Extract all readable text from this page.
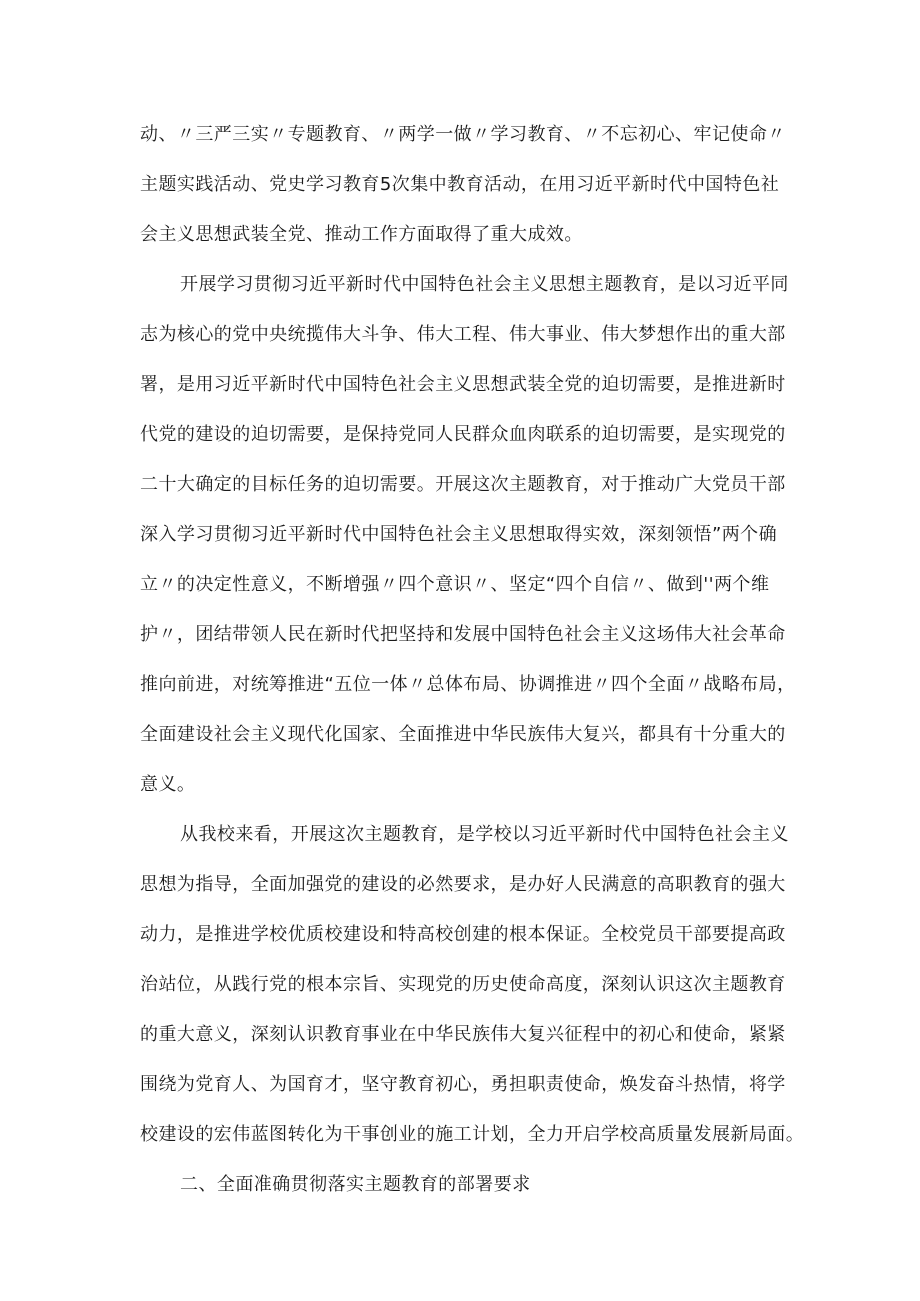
动、〃三严三实〃专题教育、〃两学一做〃学习教育、〃不忘初心、牢记使命〃
主题实践活动、党史学习教育5次集中教育活动，在用习近平新时代中国特色社
会主义思想武装全党、推动工作方面取得了重大成效。
开展学习贯彻习近平新时代中国特色社会主义思想主题教育，是以习近平同
志为核心的党中央统揽伟大斗争、伟大工程、伟大事业、伟大梦想作出的重大部
署，是用习近平新时代中国特色社会主义思想武装全党的迫切需要，是推进新时
代党的建设的迫切需要，是保持党同人民群众血肉联系的迫切需要，是实现党的
二十大确定的目标任务的迫切需要。开展这次主题教育，对于推动广大党员干部
深入学习贯彻习近平新时代中国特色社会主义思想取得实效，深刻领悟”两个确
立〃的决定性意义，不断增强〃四个意识〃、坚定“四个自信〃、做到''两个维
护〃，团结带领人民在新时代把坚持和发展中国特色社会主义这场伟大社会革命
推向前进，对统筹推进“五位一体〃总体布局、协调推进〃四个全面〃战略布局，
全面建设社会主义现代化国家、全面推进中华民族伟大复兴，都具有十分重大的
意义。
从我校来看，开展这次主题教育，是学校以习近平新时代中国特色社会主义
思想为指导，全面加强党的建设的必然要求，是办好人民满意的高职教育的强大
动力，是推进学校优质校建设和特高校创建的根本保证。全校党员干部要提高政
治站位，从践行党的根本宗旨、实现党的历史使命高度，深刻认识这次主题教育
的重大意义，深刻认识教育事业在中华民族伟大复兴征程中的初心和使命，紧紧
围绕为党育人、为国育才，坚守教育初心，勇担职责使命，焕发奋斗热情，将学
校建设的宏伟蓝图转化为干事创业的施工计划，全力开启学校高质量发展新局面。
二、全面准确贯彻落实主题教育的部署要求
